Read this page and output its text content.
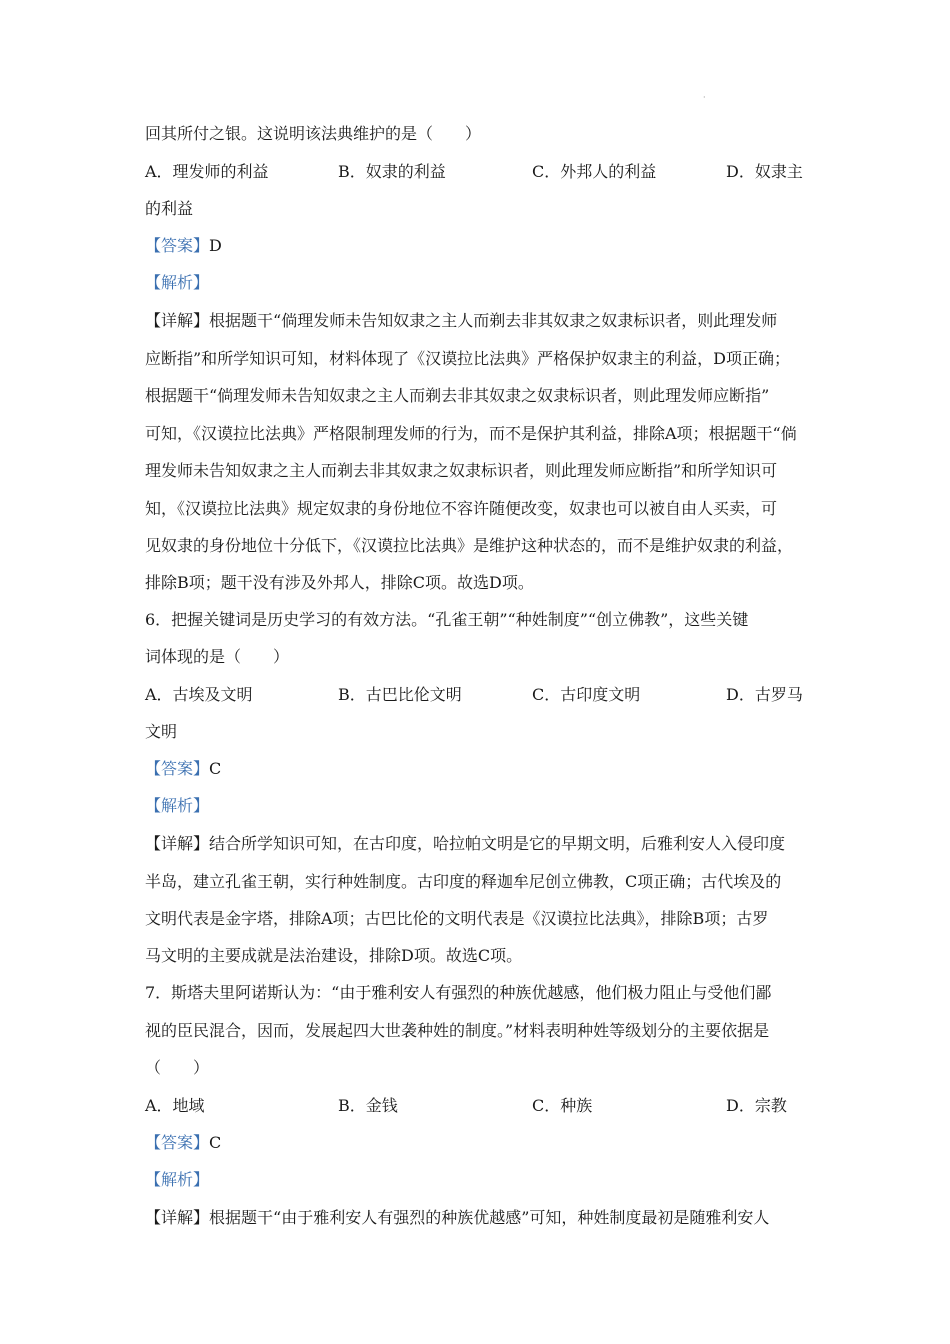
·
回其所付之银。这说明该法典维护的是（　　）
A．理发师的利益	B．奴隶的利益	C．外邦人的利益	D．奴隶主
的利益
【答案】D
【解析】
【详解】根据题干“倘理发师未告知奴隶之主人而剃去非其奴隶之奴隶标识者，则此理发师
应断指”和所学知识可知，材料体现了《汉谟拉比法典》严格保护奴隶主的利益，D项正确；
根据题干“倘理发师未告知奴隶之主人而剃去非其奴隶之奴隶标识者，则此理发师应断指”
可知，《汉谟拉比法典》严格限制理发师的行为，而不是保护其利益，排除A项；根据题干“倘
理发师未告知奴隶之主人而剃去非其奴隶之奴隶标识者，则此理发师应断指”和所学知识可
知，《汉谟拉比法典》规定奴隶的身份地位不容许随便改变，奴隶也可以被自由人买卖，可
见奴隶的身份地位十分低下，《汉谟拉比法典》是维护这种状态的，而不是维护奴隶的利益，
排除B项；题干没有涉及外邦人，排除C项。故选D项。
6．把握关键词是历史学习的有效方法。“孔雀王朝”“种姓制度”“创立佛教”，这些关键
词体现的是（　　）
A．古埃及文明	B．古巴比伦文明	C．古印度文明	D．古罗马
文明
【答案】C
【解析】
【详解】结合所学知识可知，在古印度，哈拉帕文明是它的早期文明，后雅利安人入侵印度
半岛，建立孔雀王朝，实行种姓制度。古印度的释迦牟尼创立佛教，C项正确；古代埃及的
文明代表是金字塔，排除A项；古巴比伦的文明代表是《汉谟拉比法典》，排除B项；古罗
马文明的主要成就是法治建设，排除D项。故选C项。
7．斯塔夫里阿诺斯认为：“由于雅利安人有强烈的种族优越感，他们极力阻止与受他们鄙
视的臣民混合，因而，发展起四大世袭种姓的制度。”材料表明种姓等级划分的主要依据是
（　　）
A．地域	B．金钱	C．种族	D．宗教
【答案】C
【解析】
【详解】根据题干“由于雅利安人有强烈的种族优越感”可知，种姓制度最初是随雅利安人
